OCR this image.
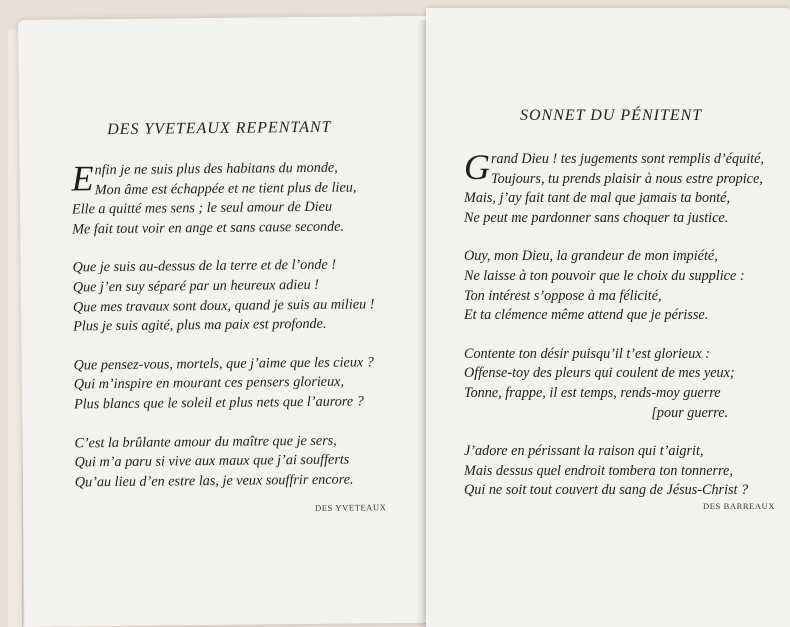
DES YVETEAUX REPENTANT
E nfin je ne suis plus des habitans du monde,
Mon âme est échappée et ne tient plus de lieu,
Elle a quitté mes sens ; le seul amour de Dieu
Me fait tout voir en ange et sans cause seconde.
Que je suis au-dessus de la terre et de l’onde !
Que j’en suy séparé par un heureux adieu !
Que mes travaux sont doux, quand je suis au milieu !
Plus je suis agité, plus ma paix est profonde.
Que pensez-vous, mortels, que j’aime que les cieux ?
Qui m’inspire en mourant ces pensers glorieux,
Plus blancs que le soleil et plus nets que l’aurore ?
C’est la brûlante amour du maître que je sers,
Qui m’a paru si vive aux maux que j’ai soufferts
Qu’au lieu d’en estre las, je veux souffrir encore.
DES YVETEAUX
SONNET DU PÉNITENT
G rand Dieu ! tes jugements sont remplis d’équité,
Toujours, tu prends plaisir à nous estre propice,
Mais, j’ay fait tant de mal que jamais ta bonté,
Ne peut me pardonner sans choquer ta justice.
Ouy, mon Dieu, la grandeur de mon impiété,
Ne laisse à ton pouvoir que le choix du supplice :
Ton intérest s’oppose à ma félicité,
Et ta clémence même attend que je périsse.
Contente ton désir puisqu’il t’est glorieux :
Offense-toy des pleurs qui coulent de mes yeux;
Tonne, frappe, il est temps, rends-moy guerre
[pour guerre.
J’adore en périssant la raison qui t’aigrit,
Mais dessus quel endroit tombera ton tonnerre,
Qui ne soit tout couvert du sang de Jésus-Christ ?
DES BARREAUX
